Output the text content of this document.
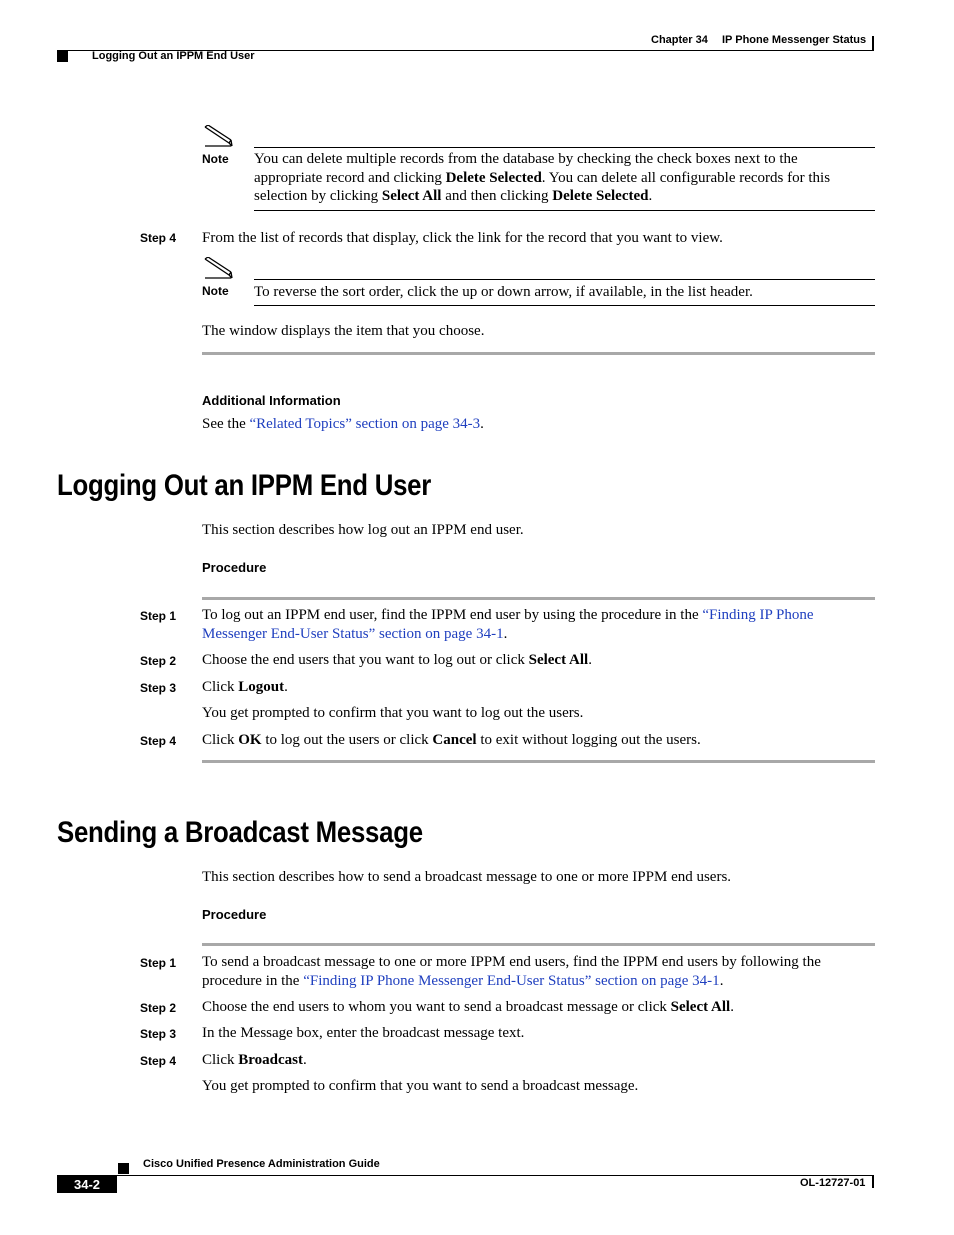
Chapter 34 IP Phone Messenger Status
Logging Out an IPPM End User
Note You can delete multiple records from the database by checking the check boxes next to the
appropriate record and clicking Delete Selected. You can delete all configurable records for this
selection by clicking Select All and then clicking Delete Selected.
Step 4 From the list of records that display, click the link for the record that you want to view.
Note To reverse the sort order, click the up or down arrow, if available, in the list header.
The window displays the item that you choose.
Additional Information
See the “Related Topics” section on page 34-3.
Logging Out an IPPM End User
This section describes how log out an IPPM end user.
Procedure
Step 1 To log out an IPPM end user, find the IPPM end user by using the procedure in the “Finding IP Phone
Messenger End-User Status” section on page 34-1.
Step 2 Choose the end users that you want to log out or click Select All.
Step 3 Click Logout.
You get prompted to confirm that you want to log out the users.
Step 4 Click OK to log out the users or click Cancel to exit without logging out the users.
Sending a Broadcast Message
This section describes how to send a broadcast message to one or more IPPM end users.
Procedure
Step 1 To send a broadcast message to one or more IPPM end users, find the IPPM end users by following the
procedure in the “Finding IP Phone Messenger End-User Status” section on page 34-1.
Step 2 Choose the end users to whom you want to send a broadcast message or click Select All.
Step 3 In the Message box, enter the broadcast message text.
Step 4 Click Broadcast.
You get prompted to confirm that you want to send a broadcast message.
Cisco Unified Presence Administration Guide
34-2	OL-12727-01
